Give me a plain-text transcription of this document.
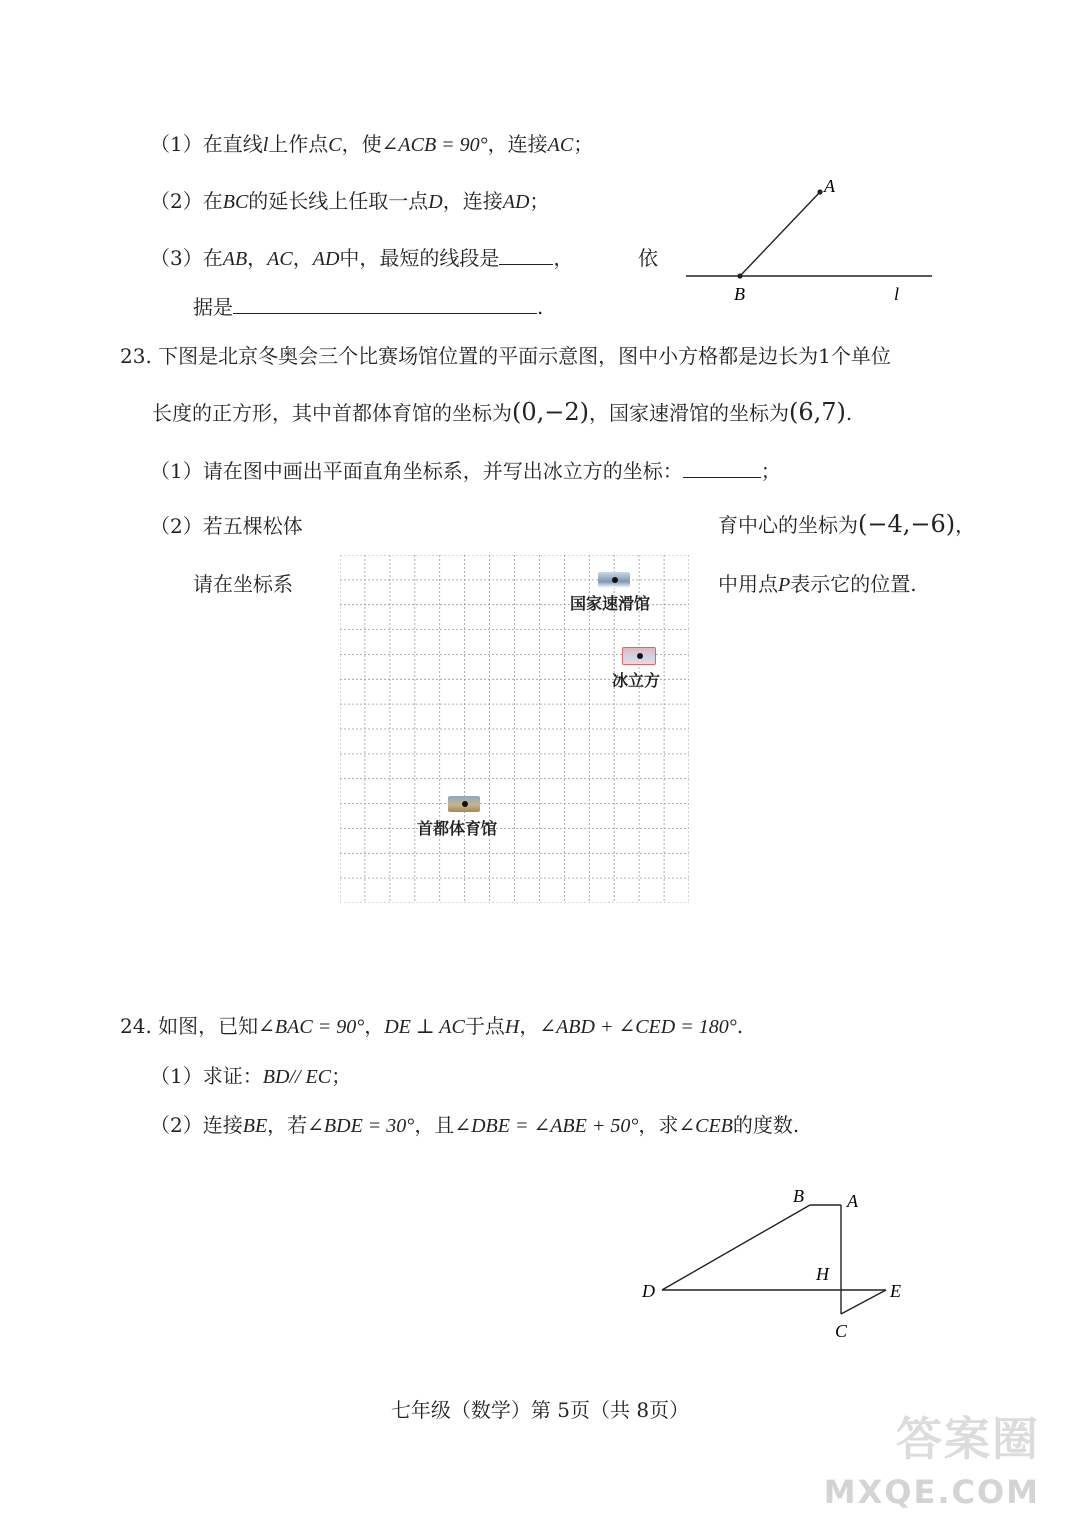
（1）在直线l上作点C，使∠ACB = 90°，连接AC；
（2）在BC的延长线上任取一点D，连接AD；
（3）在AB，AC，AD中，最短的线段是	，	依
据是	.
A
B	l
23. 下图是北京冬奥会三个比赛场馆位置的平面示意图，图中小方格都是边长为1个单位
长度的正方形，其中首都体育馆的坐标为(0,−2)，国家速滑馆的坐标为(6,7).
（1）请在图中画出平面直角坐标系，并写出冰立方的坐标：	；
（2）若五棵松体	育中心的坐标为(−4,−6)，
请在坐标系	中用点P表示它的位置.
国家速滑馆
冰立方
首都体育馆
24. 如图，已知∠BAC = 90°，DE ⊥ AC于点H，∠ABD + ∠CED = 180°.
（1）求证：BD// EC；
（2）连接BE，若∠BDE = 30°，且∠DBE = ∠ABE + 50°，求∠CEB的度数.
B A
H
D	E
C
七年级（数学）第 5页（共 8页）
答案圈
MXQE.COM
